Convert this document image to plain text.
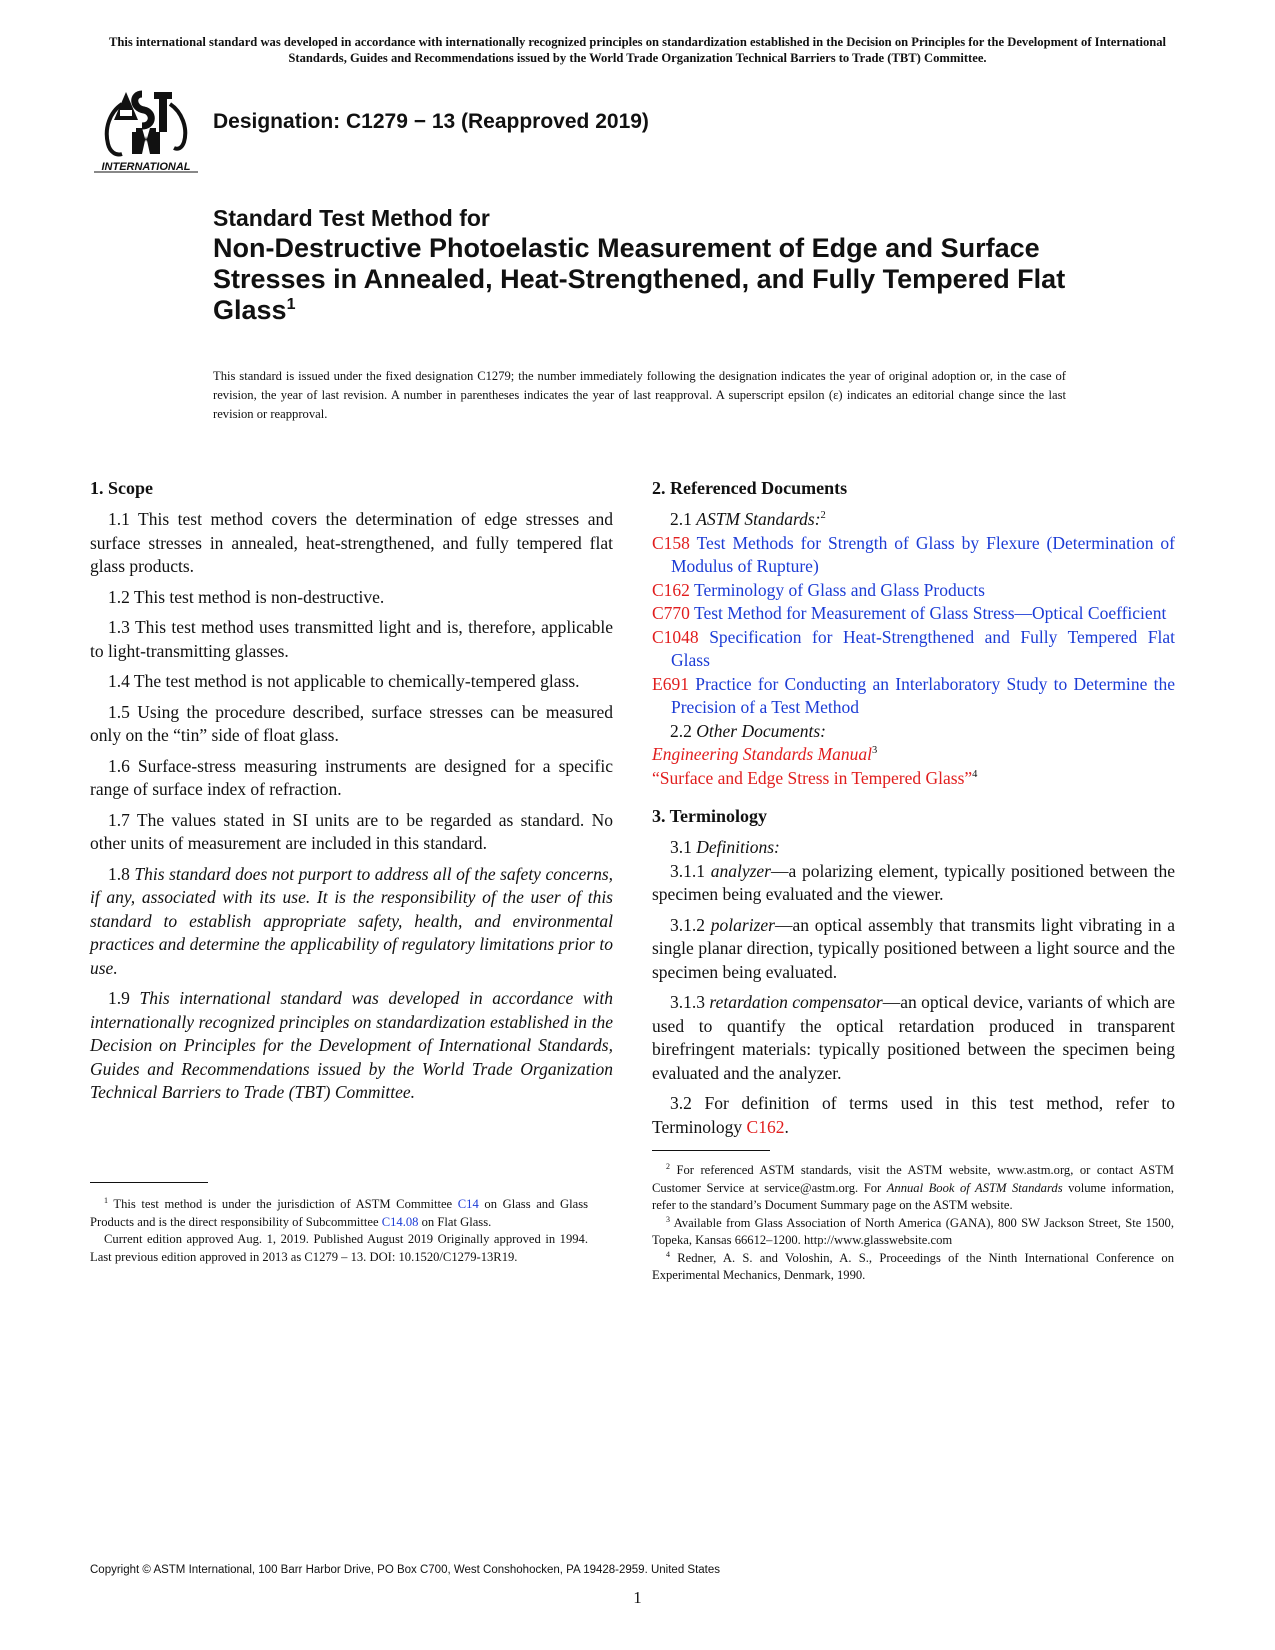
This international standard was developed in accordance with internationally recognized principles on standardization established in the Decision on Principles for the Development of International Standards, Guides and Recommendations issued by the World Trade Organization Technical Barriers to Trade (TBT) Committee.
INTERNATIONAL
Designation: C1279 − 13 (Reapproved 2019)
Standard Test Method for
Non-Destructive Photoelastic Measurement of Edge and Surface Stresses in Annealed, Heat-Strengthened, and Fully Tempered Flat Glass$^1$
This standard is issued under the fixed designation C1279; the number immediately following the designation indicates the year of original adoption or, in the case of revision, the year of last revision. A number in parentheses indicates the year of last reapproval. A superscript epsilon (ε) indicates an editorial change since the last revision or reapproval.
1. Scope

1.1 This test method covers the determination of edge stresses and surface stresses in annealed, heat-strengthened, and fully tempered flat glass products.

1.2 This test method is non-destructive.

1.3 This test method uses transmitted light and is, therefore, applicable to light-transmitting glasses.

1.4 The test method is not applicable to chemically-tempered glass.

1.5 Using the procedure described, surface stresses can be measured only on the “tin” side of float glass.

1.6 Surface-stress measuring instruments are designed for a specific range of surface index of refraction.

1.7 The values stated in SI units are to be regarded as standard. No other units of measurement are included in this standard.

1.8 This standard does not purport to address all of the safety concerns, if any, associated with its use. It is the responsibility of the user of this standard to establish appropriate safety, health, and environmental practices and determine the applicability of regulatory limitations prior to use.

1.9 This international standard was developed in accordance with internationally recognized principles on standardization established in the Decision on Principles for the Development of International Standards, Guides and Recommendations issued by the World Trade Organization Technical Barriers to Trade (TBT) Committee.

2. Referenced Documents

2.1 ASTM Standards:$^2$

C158 Test Methods for Strength of Glass by Flexure (Determination of Modulus of Rupture)

C162 Terminology of Glass and Glass Products

C770 Test Method for Measurement of Glass Stress—Optical Coefficient

C1048 Specification for Heat-Strengthened and Fully Tempered Flat Glass

E691 Practice for Conducting an Interlaboratory Study to Determine the Precision of a Test Method

2.2 Other Documents:

Engineering Standards Manual$^3$

“Surface and Edge Stress in Tempered Glass”$^4$

3. Terminology

3.1 Definitions:

3.1.1 analyzer—a polarizing element, typically positioned between the specimen being evaluated and the viewer.

3.1.2 polarizer—an optical assembly that transmits light vibrating in a single planar direction, typically positioned between a light source and the specimen being evaluated.

3.1.3 retardation compensator—an optical device, variants of which are used to quantify the optical retardation produced in transparent birefringent materials: typically positioned between the specimen being evaluated and the analyzer.

3.2 For definition of terms used in this test method, refer to Terminology C162.

$^1$ This test method is under the jurisdiction of ASTM Committee C14 on Glass and Glass Products and is the direct responsibility of Subcommittee C14.08 on Flat Glass.

Current edition approved Aug. 1, 2019. Published August 2019 Originally approved in 1994. Last previous edition approved in 2013 as C1279 – 13. DOI: 10.1520/C1279-13R19.

$^2$ For referenced ASTM standards, visit the ASTM website, www.astm.org, or contact ASTM Customer Service at service@astm.org. For Annual Book of ASTM Standards volume information, refer to the standard’s Document Summary page on the ASTM website.

$^3$ Available from Glass Association of North America (GANA), 800 SW Jackson Street, Ste 1500, Topeka, Kansas 66612–1200. http://www.glasswebsite.com

$^4$ Redner, A. S. and Voloshin, A. S., Proceedings of the Ninth International Conference on Experimental Mechanics, Denmark, 1990.

Copyright © ASTM International, 100 Barr Harbor Drive, PO Box C700, West Conshohocken, PA 19428-2959. United States
1
